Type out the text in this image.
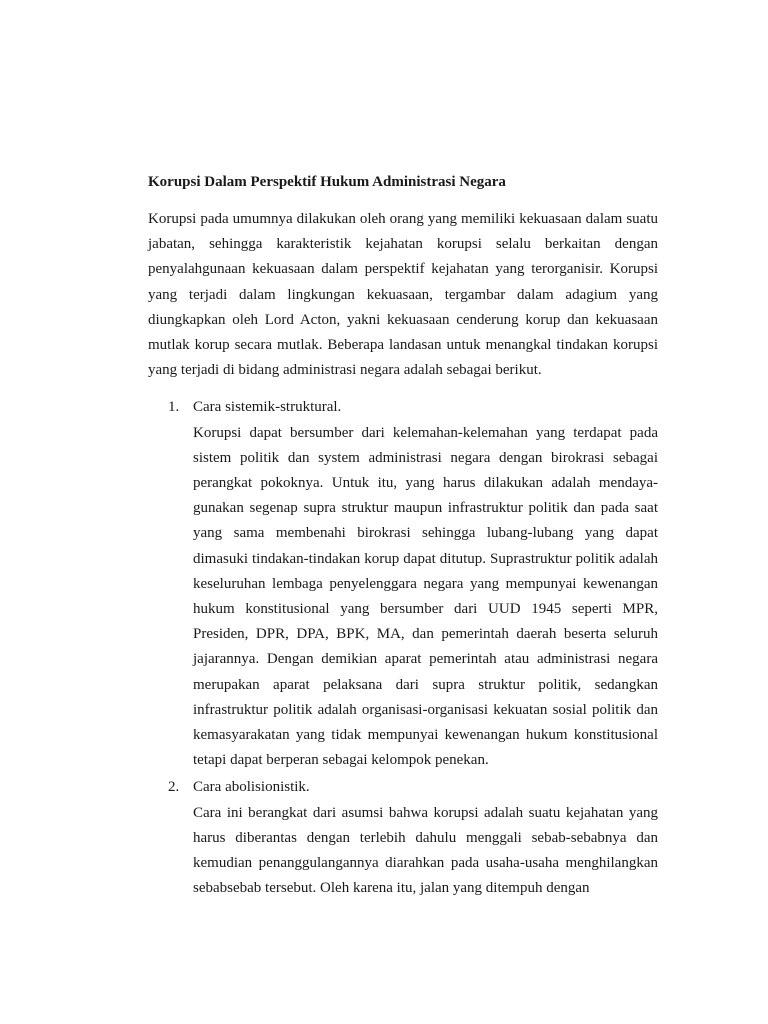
Korupsi Dalam Perspektif Hukum Administrasi Negara

Korupsi pada umumnya dilakukan oleh orang yang memiliki kekuasaan dalam suatu jabatan, sehingga karakteristik kejahatan korupsi selalu berkaitan dengan penyalahgunaan kekuasaan dalam perspektif kejahatan yang terorganisir. Korupsi yang terjadi dalam lingkungan kekuasaan, tergambar dalam adagium yang diungkapkan oleh Lord Acton, yakni kekuasaan cenderung korup dan kekuasaan mutlak korup secara mutlak. Beberapa landasan untuk menangkal tindakan korupsi yang terjadi di bidang administrasi negara adalah sebagai berikut.

1. Cara sistemik-struktural.

Korupsi dapat bersumber dari kelemahan-kelemahan yang terdapat pada sistem politik dan system administrasi negara dengan birokrasi sebagai perangkat pokoknya. Untuk itu, yang harus dilakukan adalah mendaya-gunakan segenap supra struktur maupun infrastruktur politik dan pada saat yang sama membenahi birokrasi sehingga lubang-lubang yang dapat dimasuki tindakan-tindakan korup dapat ditutup. Suprastruktur politik adalah keseluruhan lembaga penyelenggara negara yang mempunyai kewenangan hukum konstitusional yang bersumber dari UUD 1945 seperti MPR, Presiden, DPR, DPA, BPK, MA, dan pemerintah daerah beserta seluruh jajarannya. Dengan demikian aparat pemerintah atau administrasi negara merupakan aparat pelaksana dari supra struktur politik, sedangkan infrastruktur politik adalah organisasi-organisasi kekuatan sosial politik dan kemasyarakatan yang tidak mempunyai kewenangan hukum konstitusional tetapi dapat berperan sebagai kelompok penekan.

2. Cara abolisionistik.

Cara ini berangkat dari asumsi bahwa korupsi adalah suatu kejahatan yang harus diberantas dengan terlebih dahulu menggali sebab-sebabnya dan kemudian penanggulangannya diarahkan pada usaha-usaha menghilangkan sebabsebab tersebut. Oleh karena itu, jalan yang ditempuh dengan
